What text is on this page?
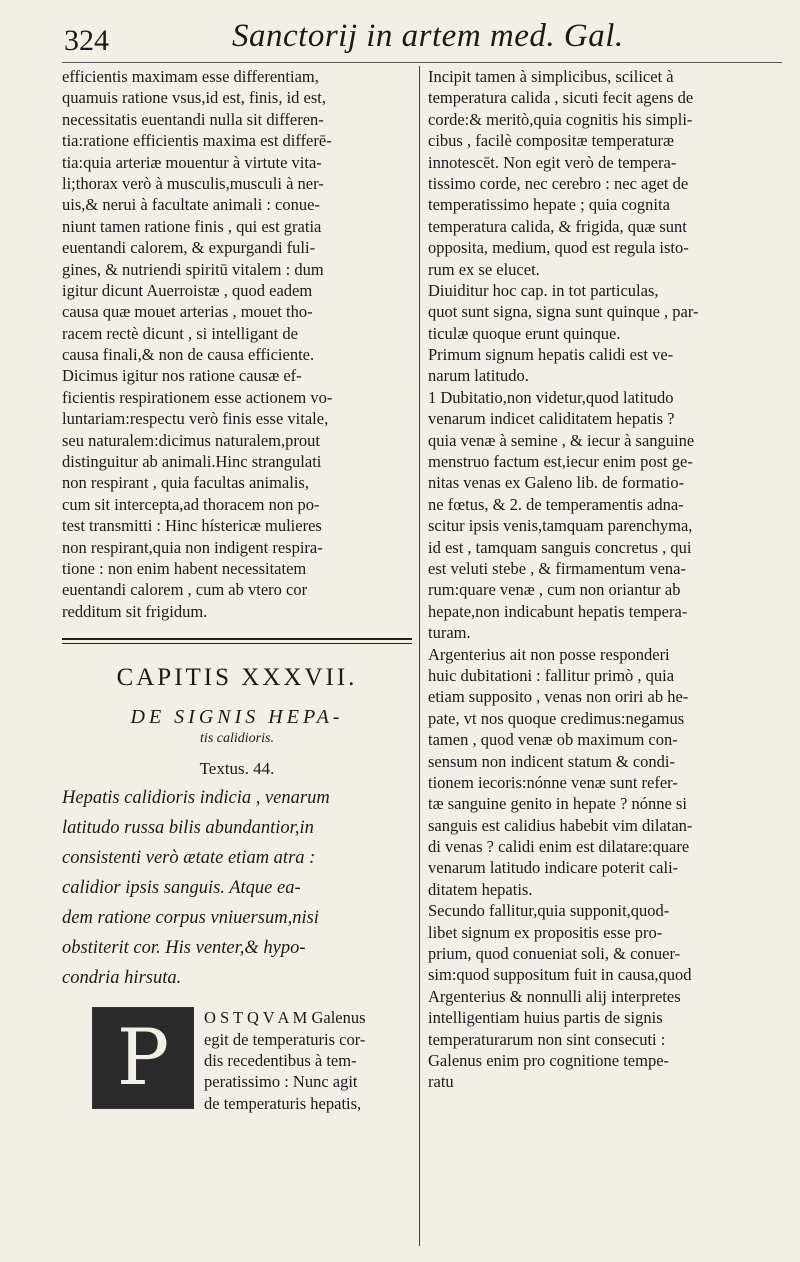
324	Sanctorij in artem med. Gal.
efficientis maximam esse differentiam,
quamuis ratione vsus,id est, finis, id est,
necessitatis euentandi nulla sit differen-
tia:ratione efficientis maxima est differē-
tia:quia arteriæ mouentur à virtute vita-
li;thorax verò à musculis,musculi à ner-
uis,& nerui à facultate animali : conue-
niunt tamen ratione finis , qui est gratia
euentandi calorem, & expurgandi fuli-
gines, & nutriendi spiritū vitalem : dum
igitur dicunt Auerroistæ , quod eadem
causa quæ mouet arterias , mouet tho-
racem rectè dicunt , si intelligant de
causa finali,& non de causa efficiente.
Dicimus igitur nos ratione causæ ef-
ficientis respirationem esse actionem vo-
luntariam:respectu verò finis esse vitale,
seu naturalem:dicimus naturalem,prout
distinguitur ab animali.Hinc strangulati
non respirant , quia facultas animalis,
cum sit intercepta,ad thoracem non po-
test transmitti : Hinc hístericæ mulieres
non respirant,quia non indigent respira-
tione : non enim habent necessitatem
euentandi calorem , cum ab vtero cor
redditum sit frigidum.
CAPITIS XXXVII.
DE SIGNIS HEPA-
tis calidioris.
Textus. 44.
Hepatis calidioris indicia , venarum
latitudo russa bilis abundantior,in
consistenti verò ætate etiam atra :
calidior ipsis sanguis. Atque ea-
dem ratione corpus vniuersum,nisi
obstiterit cor. His venter,& hypo-
condria hirsuta.
P	O S T Q V A M Galenus
egit de temperaturis cor-
dis recedentibus à tem-
peratissimo : Nunc agit
de temperaturis hepatis,
Incipit tamen à simplicibus, scilicet à
temperatura calida , sicuti fecit agens de
corde:& meritò,quia cognitis his simpli-
cibus , facilè compositæ temperaturæ
innotescēt. Non egit verò de tempera-
tissimo corde, nec cerebro : nec aget de
temperatissimo hepate ; quia cognita
temperatura calida, & frigida, quæ sunt
opposita, medium, quod est regula isto-
rum ex se elucet.
Diuiditur hoc cap. in tot particulas,
quot sunt signa, signa sunt quinque , par-
ticulæ quoque erunt quinque.
Primum signum hepatis calidi est ve-
narum latitudo.
1 Dubitatio,non videtur,quod latitudo
venarum indicet caliditatem hepatis ?
quia venæ à semine , & iecur à sanguine
menstruo factum est,iecur enim post ge-
nitas venas ex Galeno lib. de formatio-
ne fœtus, & 2. de temperamentis adna-
scitur ipsis venis,tamquam parenchyma,
id est , tamquam sanguis concretus , qui
est veluti stebe , & firmamentum vena-
rum:quare venæ , cum non oriantur ab
hepate,non indicabunt hepatis tempera-
turam.
Argenterius ait non posse responderi
huic dubitationi : fallitur primò , quia
etiam supposito , venas non oriri ab he-
pate, vt nos quoque credimus:negamus
tamen , quod venæ ob maximum con-
sensum non indicent statum & condi-
tionem iecoris:nónne venæ sunt refer-
tæ sanguine genito in hepate ? nónne si
sanguis est calidius habebit vim dilatan-
di venas ? calidi enim est dilatare:quare
venarum latitudo indicare poterit cali-
ditatem hepatis.
Secundo fallitur,quia supponit,quod-
libet signum ex propositis esse pro-
prium, quod conueniat soli, & conuer-
sim:quod suppositum fuit in causa,quod
Argenterius & nonnulli alij interpretes
intelligentiam huius partis de signis
temperaturarum non sint consecuti :
Galenus enim pro cognitione tempe-
ratu
